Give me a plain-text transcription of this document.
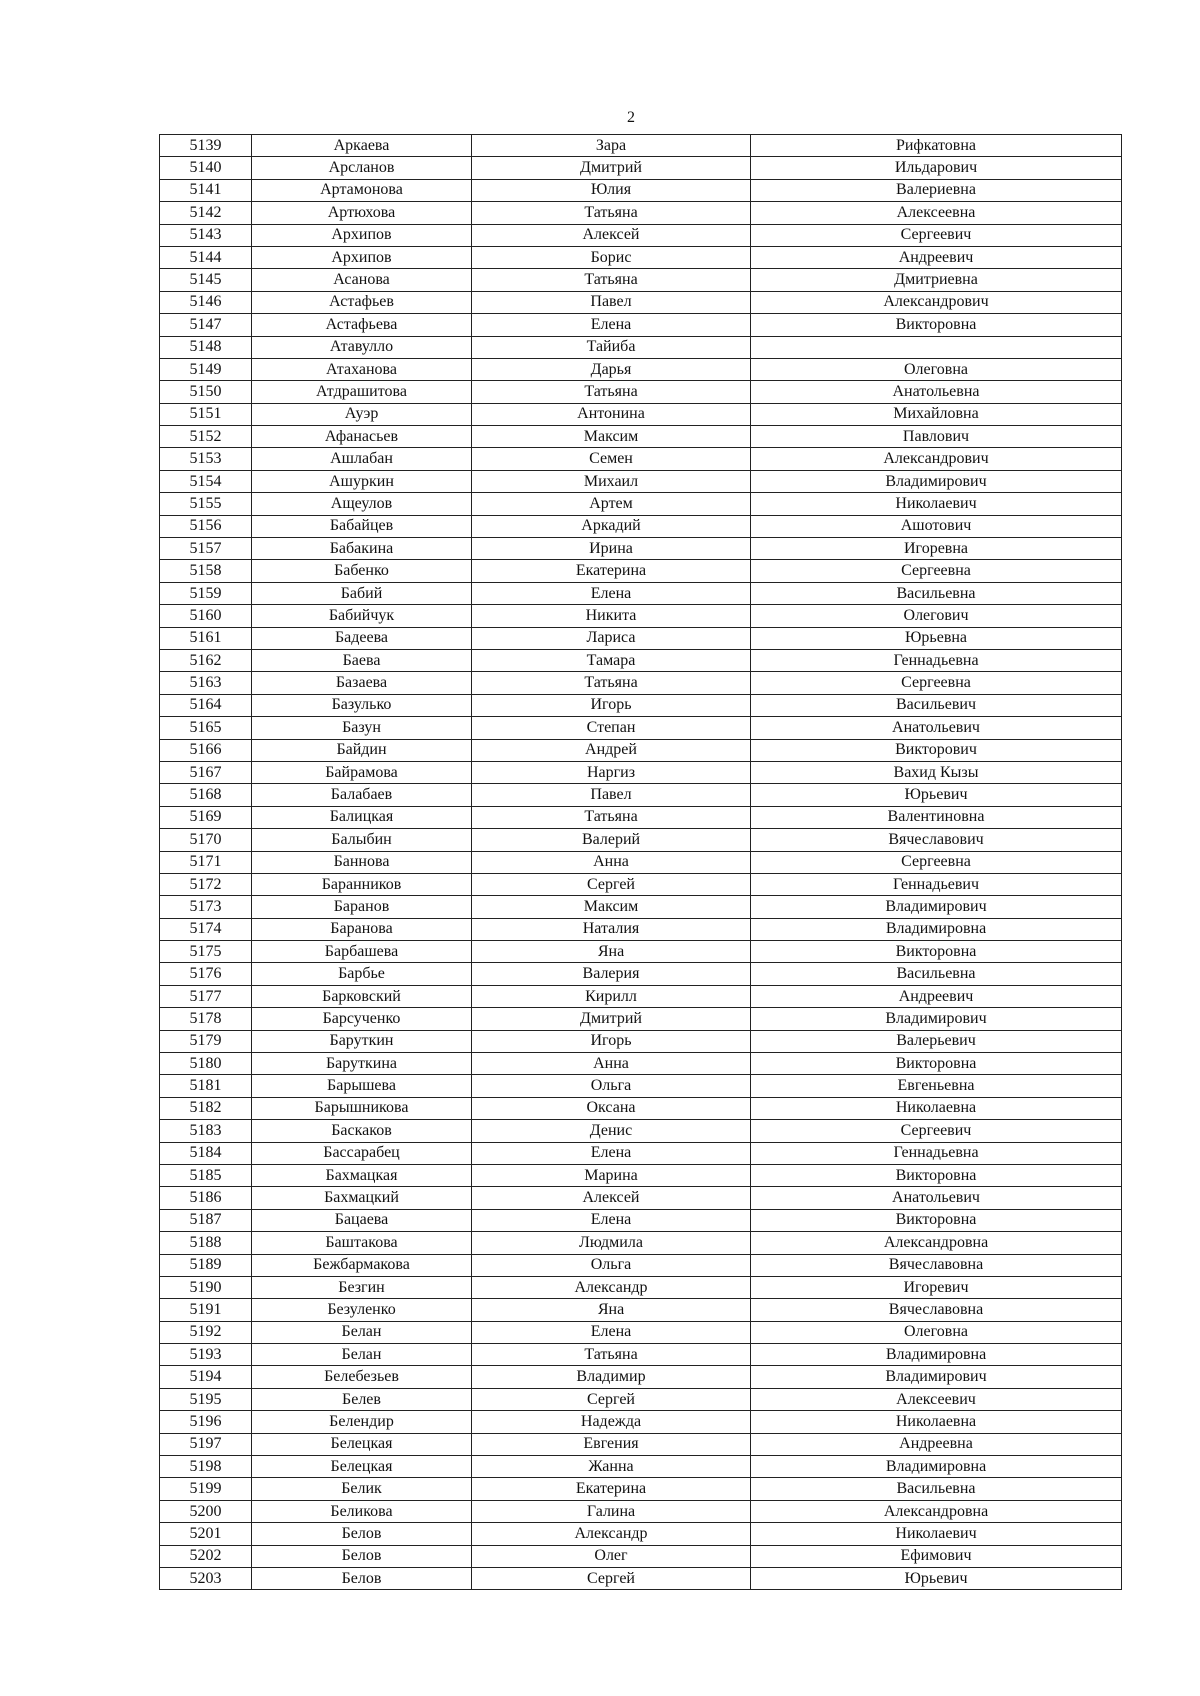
2
5139	Аркаева	Зара	Рифкатовна
5140	Арсланов	Дмитрий	Ильдарович
5141	Артамонова	Юлия	Валериевна
5142	Артюхова	Татьяна	Алексеевна
5143	Архипов	Алексей	Сергеевич
5144	Архипов	Борис	Андреевич
5145	Асанова	Татьяна	Дмитриевна
5146	Астафьев	Павел	Александрович
5147	Астафьева	Елена	Викторовна
5148	Атавулло	Тайиба	
5149	Атаханова	Дарья	Олеговна
5150	Атдрашитова	Татьяна	Анатольевна
5151	Ауэр	Антонина	Михайловна
5152	Афанасьев	Максим	Павлович
5153	Ашлабан	Семен	Александрович
5154	Ашуркин	Михаил	Владимирович
5155	Ащеулов	Артем	Николаевич
5156	Бабайцев	Аркадий	Ашотович
5157	Бабакина	Ирина	Игоревна
5158	Бабенко	Екатерина	Сергеевна
5159	Бабий	Елена	Васильевна
5160	Бабийчук	Никита	Олегович
5161	Бадеева	Лариса	Юрьевна
5162	Баева	Тамара	Геннадьевна
5163	Базаева	Татьяна	Сергеевна
5164	Базулько	Игорь	Васильевич
5165	Базун	Степан	Анатольевич
5166	Байдин	Андрей	Викторович
5167	Байрамова	Наргиз	Вахид Кызы
5168	Балабаев	Павел	Юрьевич
5169	Балицкая	Татьяна	Валентиновна
5170	Балыбин	Валерий	Вячеславович
5171	Баннова	Анна	Сергеевна
5172	Баранников	Сергей	Геннадьевич
5173	Баранов	Максим	Владимирович
5174	Баранова	Наталия	Владимировна
5175	Барбашева	Яна	Викторовна
5176	Барбье	Валерия	Васильевна
5177	Барковский	Кирилл	Андреевич
5178	Барсученко	Дмитрий	Владимирович
5179	Баруткин	Игорь	Валерьевич
5180	Баруткина	Анна	Викторовна
5181	Барышева	Ольга	Евгеньевна
5182	Барышникова	Оксана	Николаевна
5183	Баскаков	Денис	Сергеевич
5184	Бассарабец	Елена	Геннадьевна
5185	Бахмацкая	Марина	Викторовна
5186	Бахмацкий	Алексей	Анатольевич
5187	Бацаева	Елена	Викторовна
5188	Баштакова	Людмила	Александровна
5189	Бежбармакова	Ольга	Вячеславовна
5190	Безгин	Александр	Игоревич
5191	Безуленко	Яна	Вячеславовна
5192	Белан	Елена	Олеговна
5193	Белан	Татьяна	Владимировна
5194	Белебезьев	Владимир	Владимирович
5195	Белев	Сергей	Алексеевич
5196	Белендир	Надежда	Николаевна
5197	Белецкая	Евгения	Андреевна
5198	Белецкая	Жанна	Владимировна
5199	Белик	Екатерина	Васильевна
5200	Беликова	Галина	Александровна
5201	Белов	Александр	Николаевич
5202	Белов	Олег	Ефимович
5203	Белов	Сергей	Юрьевич
